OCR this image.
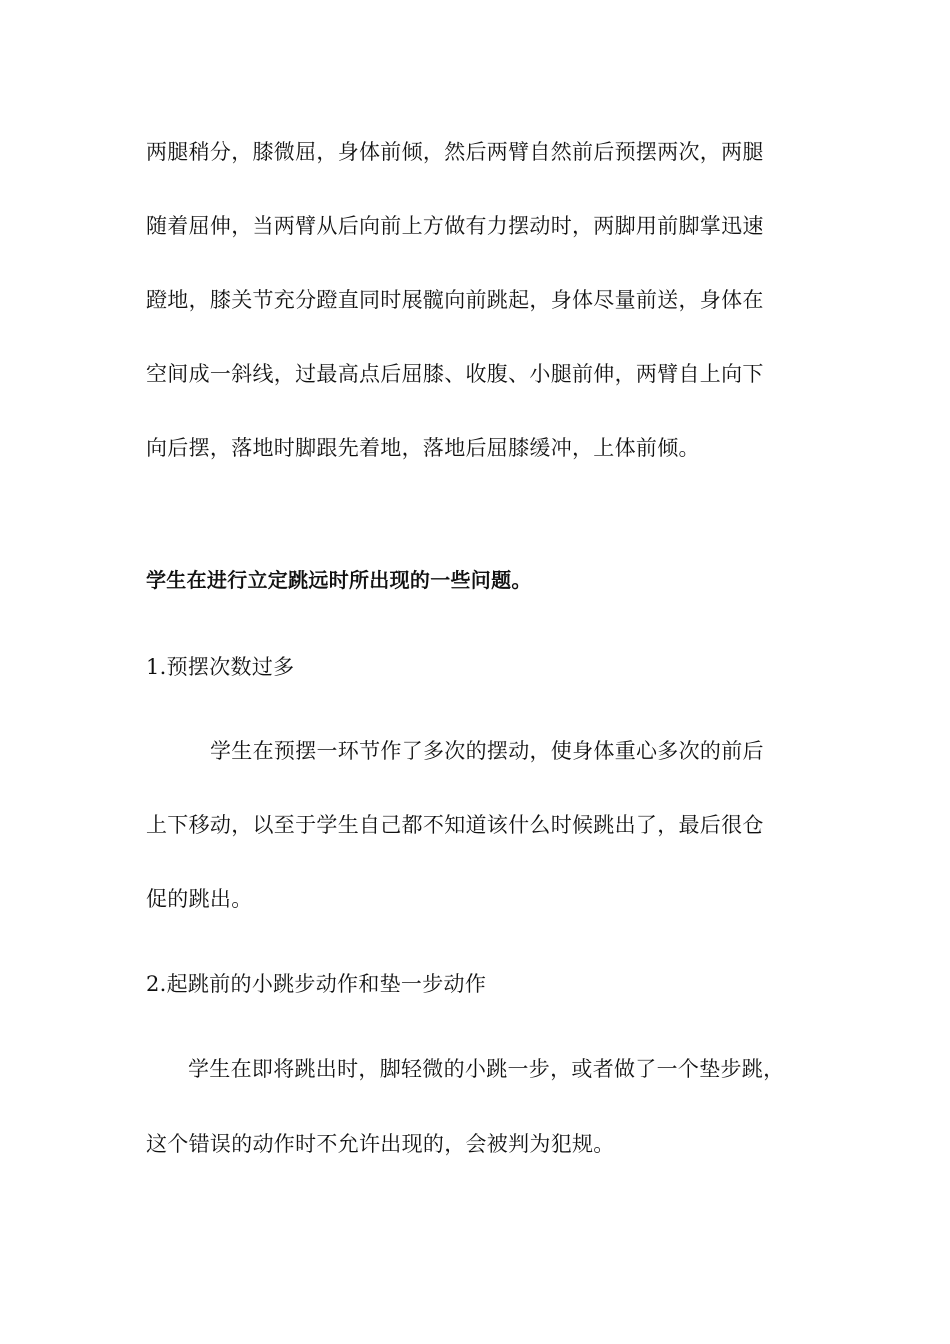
两腿稍分，膝微屈，身体前倾，然后两臂自然前后预摆两次，两腿

随着屈伸，当两臂从后向前上方做有力摆动时，两脚用前脚掌迅速

蹬地，膝关节充分蹬直同时展髋向前跳起，身体尽量前送，身体在

空间成一斜线，过最高点后屈膝、收腹、小腿前伸，两臂自上向下

向后摆，落地时脚跟先着地，落地后屈膝缓冲，上体前倾。

学生在进行立定跳远时所出现的一些问题。

1.预摆次数过多

学生在预摆一环节作了多次的摆动，使身体重心多次的前后

上下移动，以至于学生自己都不知道该什么时候跳出了，最后很仓

促的跳出。

2.起跳前的小跳步动作和垫一步动作

学生在即将跳出时，脚轻微的小跳一步，或者做了一个垫步跳，

这个错误的动作时不允许出现的，会被判为犯规。
